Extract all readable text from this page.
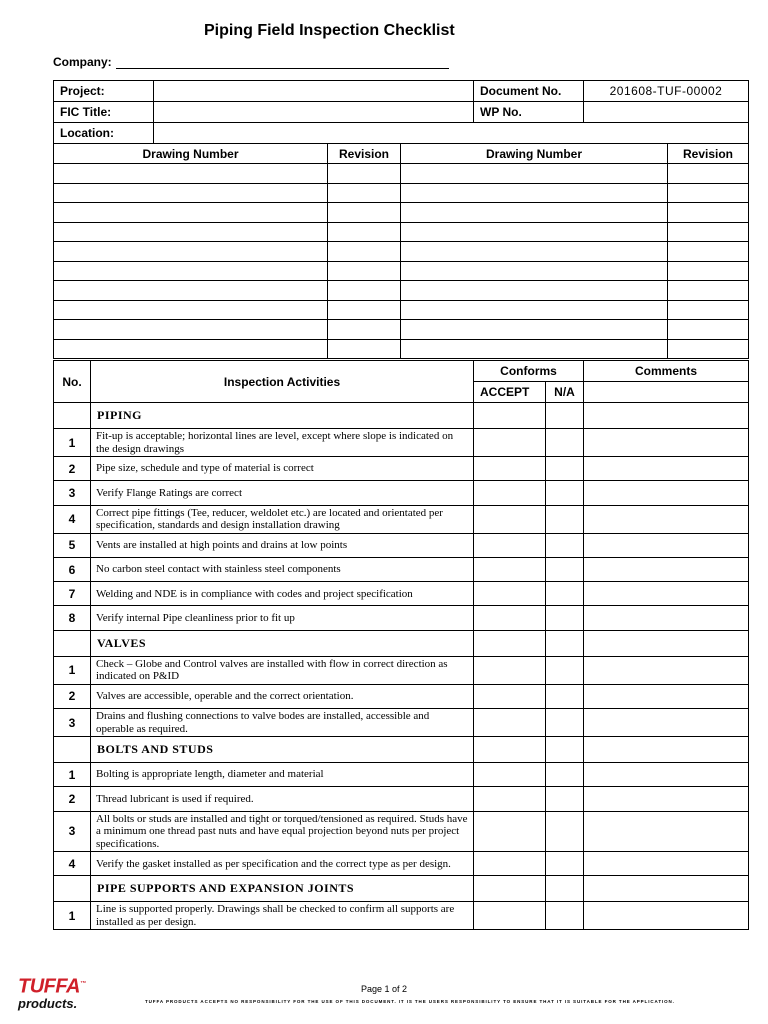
Piping Field Inspection Checklist
Company:
Project:		Document No.	201608-TUF-00002
FIC Title:		WP No.	
Location:			
Drawing Number	Revision	Drawing Number	Revision

No.	Inspection Activities	Conforms		Comments
		ACCEPT	N/A	
	PIPING			
1	Fit-up is acceptable; horizontal lines are level, except where slope is indicated on the design drawings			
2	Pipe size, schedule and type of material is correct			
3	Verify Flange Ratings are correct			
4	Correct pipe fittings (Tee, reducer, weldolet etc.) are located and orientated per specification, standards and design installation drawing			
5	Vents are installed at high points and drains at low points			
6	No carbon steel contact with stainless steel components			
7	Welding and NDE is in compliance with codes and project specification			
8	Verify internal Pipe cleanliness prior to fit up			
	VALVES			
1	Check – Globe and Control valves are installed with flow in correct direction as indicated on P&ID			
2	Valves are accessible, operable and the correct orientation.			
3	Drains and flushing connections to valve bodes are installed, accessible and operable as required.			
	BOLTS AND STUDS			
1	Bolting is appropriate length, diameter and material			
2	Thread lubricant is used if required.			
3	All bolts or studs are installed and tight or torqued/tensioned as required. Studs have a minimum one thread past nuts and have equal projection beyond nuts per project specifications.			
4	Verify the gasket installed as per specification and the correct type as per design.			
	PIPE SUPPORTS AND EXPANSION JOINTS			
1	Line is supported properly. Drawings shall be checked to confirm all supports are installed as per design.			
TUFFA™
products.
Page 1 of 2
TUFFA PRODUCTS ACCEPTS NO RESPONSIBILITY FOR THE USE OF THIS DOCUMENT. IT IS THE USERS RESPONSIBILITY TO ENSURE THAT IT IS SUITABLE FOR THE APPLICATION.
